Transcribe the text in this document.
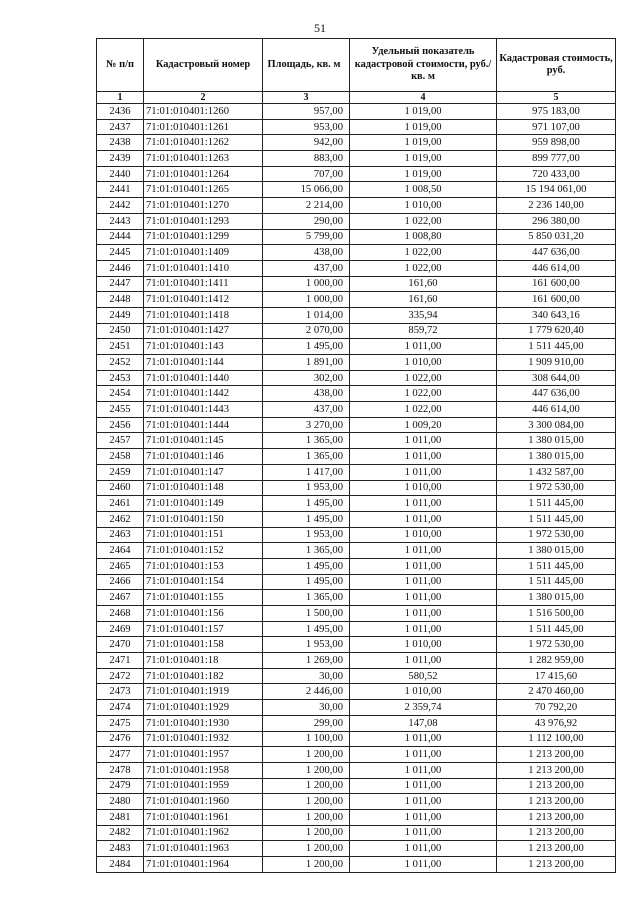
51
№ п/п	Кадастровый номер	Площадь, кв. м	Удельный показатель кадастровой стоимости, руб./кв. м	Кадастровая стоимость, руб.
1	2	3	4	5
2436	71:01:010401:1260	957,00	1 019,00	975 183,00
2437	71:01:010401:1261	953,00	1 019,00	971 107,00
2438	71:01:010401:1262	942,00	1 019,00	959 898,00
2439	71:01:010401:1263	883,00	1 019,00	899 777,00
2440	71:01:010401:1264	707,00	1 019,00	720 433,00
2441	71:01:010401:1265	15 066,00	1 008,50	15 194 061,00
2442	71:01:010401:1270	2 214,00	1 010,00	2 236 140,00
2443	71:01:010401:1293	290,00	1 022,00	296 380,00
2444	71:01:010401:1299	5 799,00	1 008,80	5 850 031,20
2445	71:01:010401:1409	438,00	1 022,00	447 636,00
2446	71:01:010401:1410	437,00	1 022,00	446 614,00
2447	71:01:010401:1411	1 000,00	161,60	161 600,00
2448	71:01:010401:1412	1 000,00	161,60	161 600,00
2449	71:01:010401:1418	1 014,00	335,94	340 643,16
2450	71:01:010401:1427	2 070,00	859,72	1 779 620,40
2451	71:01:010401:143	1 495,00	1 011,00	1 511 445,00
2452	71:01:010401:144	1 891,00	1 010,00	1 909 910,00
2453	71:01:010401:1440	302,00	1 022,00	308 644,00
2454	71:01:010401:1442	438,00	1 022,00	447 636,00
2455	71:01:010401:1443	437,00	1 022,00	446 614,00
2456	71:01:010401:1444	3 270,00	1 009,20	3 300 084,00
2457	71:01:010401:145	1 365,00	1 011,00	1 380 015,00
2458	71:01:010401:146	1 365,00	1 011,00	1 380 015,00
2459	71:01:010401:147	1 417,00	1 011,00	1 432 587,00
2460	71:01:010401:148	1 953,00	1 010,00	1 972 530,00
2461	71:01:010401:149	1 495,00	1 011,00	1 511 445,00
2462	71:01:010401:150	1 495,00	1 011,00	1 511 445,00
2463	71:01:010401:151	1 953,00	1 010,00	1 972 530,00
2464	71:01:010401:152	1 365,00	1 011,00	1 380 015,00
2465	71:01:010401:153	1 495,00	1 011,00	1 511 445,00
2466	71:01:010401:154	1 495,00	1 011,00	1 511 445,00
2467	71:01:010401:155	1 365,00	1 011,00	1 380 015,00
2468	71:01:010401:156	1 500,00	1 011,00	1 516 500,00
2469	71:01:010401:157	1 495,00	1 011,00	1 511 445,00
2470	71:01:010401:158	1 953,00	1 010,00	1 972 530,00
2471	71:01:010401:18	1 269,00	1 011,00	1 282 959,00
2472	71:01:010401:182	30,00	580,52	17 415,60
2473	71:01:010401:1919	2 446,00	1 010,00	2 470 460,00
2474	71:01:010401:1929	30,00	2 359,74	70 792,20
2475	71:01:010401:1930	299,00	147,08	43 976,92
2476	71:01:010401:1932	1 100,00	1 011,00	1 112 100,00
2477	71:01:010401:1957	1 200,00	1 011,00	1 213 200,00
2478	71:01:010401:1958	1 200,00	1 011,00	1 213 200,00
2479	71:01:010401:1959	1 200,00	1 011,00	1 213 200,00
2480	71:01:010401:1960	1 200,00	1 011,00	1 213 200,00
2481	71:01:010401:1961	1 200,00	1 011,00	1 213 200,00
2482	71:01:010401:1962	1 200,00	1 011,00	1 213 200,00
2483	71:01:010401:1963	1 200,00	1 011,00	1 213 200,00
2484	71:01:010401:1964	1 200,00	1 011,00	1 213 200,00
